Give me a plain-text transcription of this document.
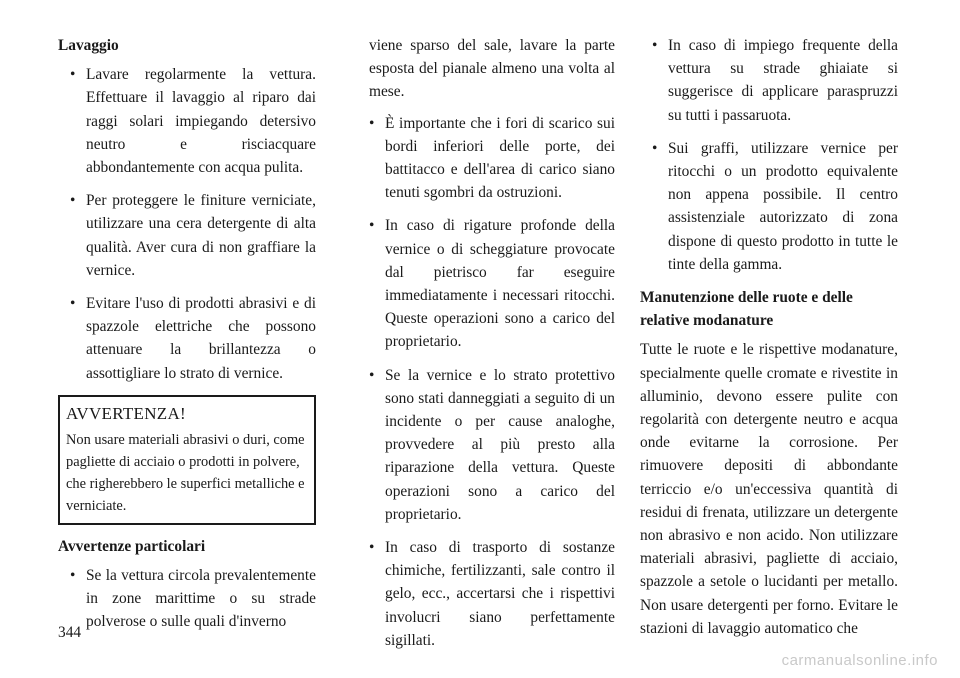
Lavaggio
• Lavare regolarmente la vettura. Effettuare il lavaggio al riparo dai raggi solari impiegando detersivo neutro e risciacquare abbondantemente con acqua pulita.
• Per proteggere le finiture verniciate, utilizzare una cera detergente di alta qualità. Aver cura di non graffiare la vernice.
• Evitare l'uso di prodotti abrasivi e di spazzole elettriche che possono attenuare la brillantezza o assottigliare lo strato di vernice.
AVVERTENZA!
Non usare materiali abrasivi o duri, come pagliette di acciaio o prodotti in polvere, che righerebbero le superfici metalliche e verniciate.
Avvertenze particolari
• Se la vettura circola prevalentemente in zone marittime o su strade polverose o sulle quali d'inverno
viene sparso del sale, lavare la parte esposta del pianale almeno una volta al mese.
• È importante che i fori di scarico sui bordi inferiori delle porte, dei battitacco e dell'area di carico siano tenuti sgombri da ostruzioni.
• In caso di rigature profonde della vernice o di scheggiature provocate dal pietrisco far eseguire immediatamente i necessari ritocchi. Queste operazioni sono a carico del proprietario.
• Se la vernice e lo strato protettivo sono stati danneggiati a seguito di un incidente o per cause analoghe, provvedere al più presto alla riparazione della vettura. Queste operazioni sono a carico del proprietario.
• In caso di trasporto di sostanze chimiche, fertilizzanti, sale contro il gelo, ecc., accertarsi che i rispettivi involucri siano perfettamente sigillati.
• In caso di impiego frequente della vettura su strade ghiaiate si suggerisce di applicare paraspruzzi su tutti i passaruota.
• Sui graffi, utilizzare vernice per ritocchi o un prodotto equivalente non appena possibile. Il centro assistenziale autorizzato di zona dispone di questo prodotto in tutte le tinte della gamma.
Manutenzione delle ruote e delle relative modanature
Tutte le ruote e le rispettive modanature, specialmente quelle cromate e rivestite in alluminio, devono essere pulite con regolarità con detergente neutro e acqua onde evitarne la corrosione. Per rimuovere depositi di abbondante terriccio e/o un'eccessiva quantità di residui di frenata, utilizzare un detergente non abrasivo e non acido. Non utilizzare materiali abrasivi, pagliette di acciaio, spazzole a setole o lucidanti per metallo. Non usare detergenti per forno. Evitare le stazioni di lavaggio automatico che
344
carmanualsonline.info
